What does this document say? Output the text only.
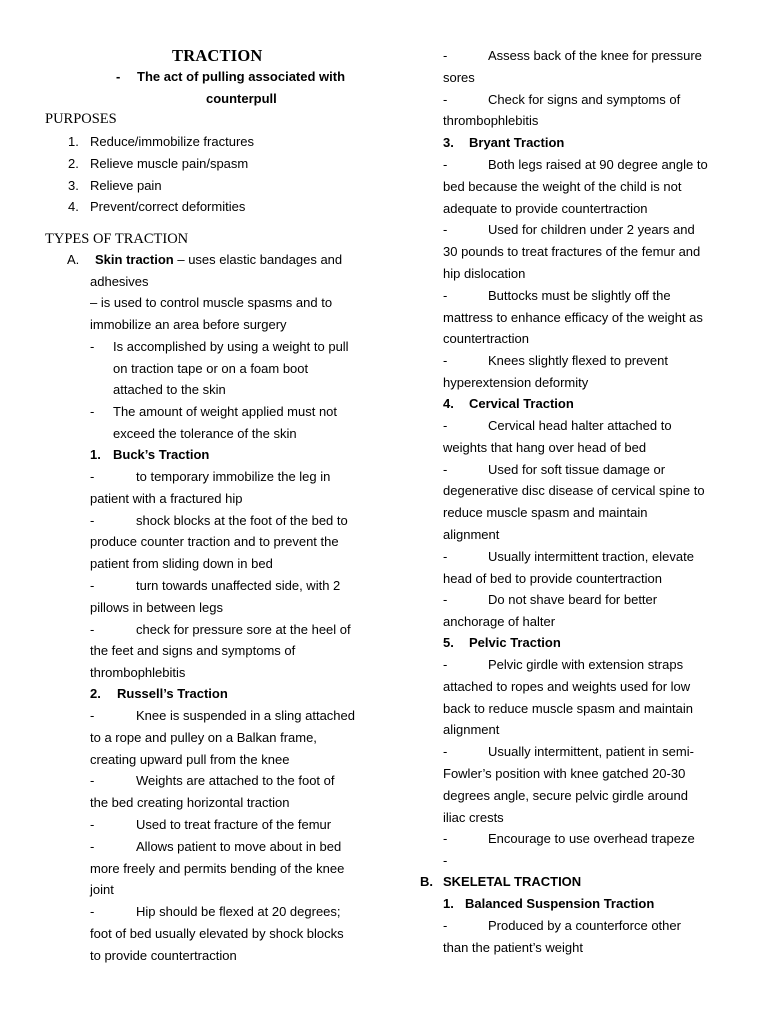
TRACTION
- The act of pulling associated with
counterpull
PURPOSES
1. Reduce/immobilize fractures
2. Relieve muscle pain/spasm
3. Relieve pain
4. Prevent/correct deformities
TYPES OF TRACTION
A. Skin traction – uses elastic bandages and
adhesives
– is used to control muscle spasms and to
immobilize an area before surgery
- Is accomplished by using a weight to pull
on traction tape or on a foam boot
attached to the skin
- The amount of weight applied must not
exceed the tolerance of the skin
1. Buck’s Traction
-	to temporary immobilize the leg in
patient with a fractured hip
-	shock blocks at the foot of the bed to
produce counter traction and to prevent the
patient from sliding down in bed
-	turn towards unaffected side, with 2
pillows in between legs
-	check for pressure sore at the heel of
the feet and signs and symptoms of
thrombophlebitis
2. Russell’s Traction
-	Knee is suspended in a sling attached
to a rope and pulley on a Balkan frame,
creating upward pull from the knee
-	Weights are attached to the foot of
the bed creating horizontal traction
-	Used to treat fracture of the femur
-	Allows patient to move about in bed
more freely and permits bending of the knee
joint
-	Hip should be flexed at 20 degrees;
foot of bed usually elevated by shock blocks
to provide countertraction
-	Assess back of the knee for pressure
sores
-	Check for signs and symptoms of
thrombophlebitis
3. Bryant Traction
-	Both legs raised at 90 degree angle to
bed because the weight of the child is not
adequate to provide countertraction
-	Used for children under 2 years and
30 pounds to treat fractures of the femur and
hip dislocation
-	Buttocks must be slightly off the
mattress to enhance efficacy of the weight as
countertraction
-	Knees slightly flexed to prevent
hyperextension deformity
4. Cervical Traction
-	Cervical head halter attached to
weights that hang over head of bed
-	Used for soft tissue damage or
degenerative disc disease of cervical spine to
reduce muscle spasm and maintain
alignment
-	Usually intermittent traction, elevate
head of bed to provide countertraction
-	Do not shave beard for better
anchorage of halter
5. Pelvic Traction
-	Pelvic girdle with extension straps
attached to ropes and weights used for low
back to reduce muscle spasm and maintain
alignment
-	Usually intermittent, patient in semi-
Fowler’s position with knee gatched 20-30
degrees angle, secure pelvic girdle around
iliac crests
-	Encourage to use overhead trapeze
-
B. SKELETAL TRACTION
1. Balanced Suspension Traction
-	Produced by a counterforce other
than the patient’s weight
